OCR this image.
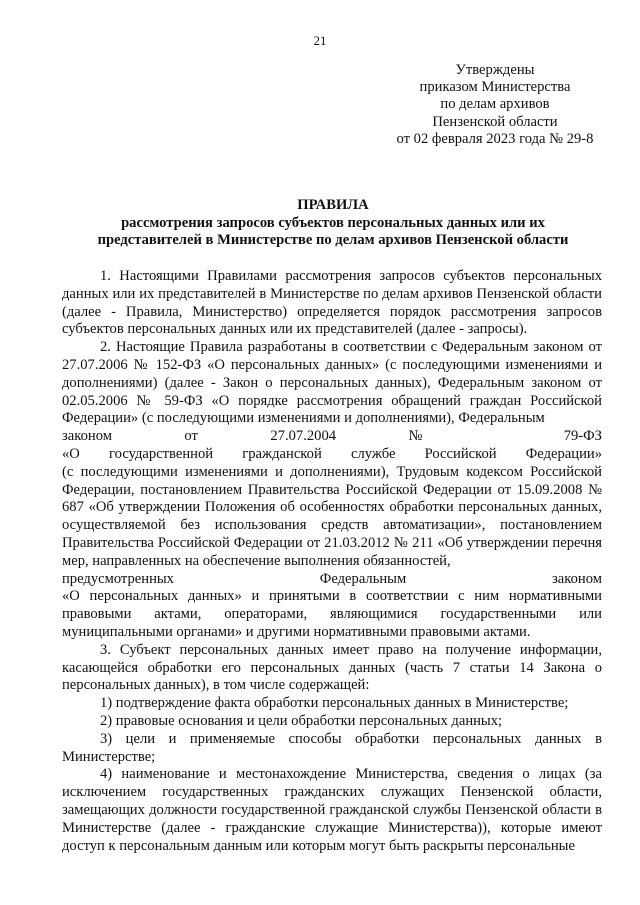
21
Утверждены
приказом Министерства
по делам архивов
Пензенской области
от 02 февраля 2023 года № 29-8
ПРАВИЛА
рассмотрения запросов субъектов персональных данных или их
представителей в Министерстве по делам архивов Пензенской области

1. Настоящими Правилами рассмотрения запросов субъектов персональных данных или их представителей в Министерстве по делам архивов Пензенской области (далее - Правила, Министерство) определяется порядок рассмотрения запросов субъектов персональных данных или их представителей (далее - запросы).

2. Настоящие Правила разработаны в соответствии с Федеральным законом от 27.07.2006 № 152-ФЗ «О персональных данных» (с последующими изменениями и дополнениями) (далее - Закон о персональных данных), Федеральным законом от 02.05.2006 № 59-ФЗ «О порядке рассмотрения обращений граждан Российской Федерации» (с последующими изменениями и дополнениями), Федеральным
законом от 27.07.2004 № 79-ФЗ
«О государственной гражданской службе Российской Федерации»
(с последующими изменениями и дополнениями), Трудовым кодексом Российской Федерации, постановлением Правительства Российской Федерации от 15.09.2008 № 687 «Об утверждении Положения об особенностях обработки персональных данных, осуществляемой без использования средств автоматизации», постановлением Правительства Российской Федерации от 21.03.2012 № 211 «Об утверждении перечня мер, направленных на обеспечение выполнения обязанностей,
предусмотренных Федеральным законом
«О персональных данных» и принятыми в соответствии с ним нормативными правовыми актами, операторами, являющимися государственными или
муниципальными органами» и другими нормативными правовыми актами.

3. Субъект персональных данных имеет право на получение информации, касающейся обработки его персональных данных (часть 7 статьи 14 Закона о персональных данных), в том числе содержащей:

1) подтверждение факта обработки персональных данных в Министерстве;

2) правовые основания и цели обработки персональных данных;

3) цели и применяемые способы обработки персональных данных в Министерстве;

4) наименование и местонахождение Министерства, сведения о лицах (за исключением государственных гражданских служащих Пензенской области, замещающих должности государственной гражданской службы Пензенской области в Министерстве (далее - гражданские служащие Министерства)), которые имеют доступ к персональным данным или которым могут быть раскрыты персональные
